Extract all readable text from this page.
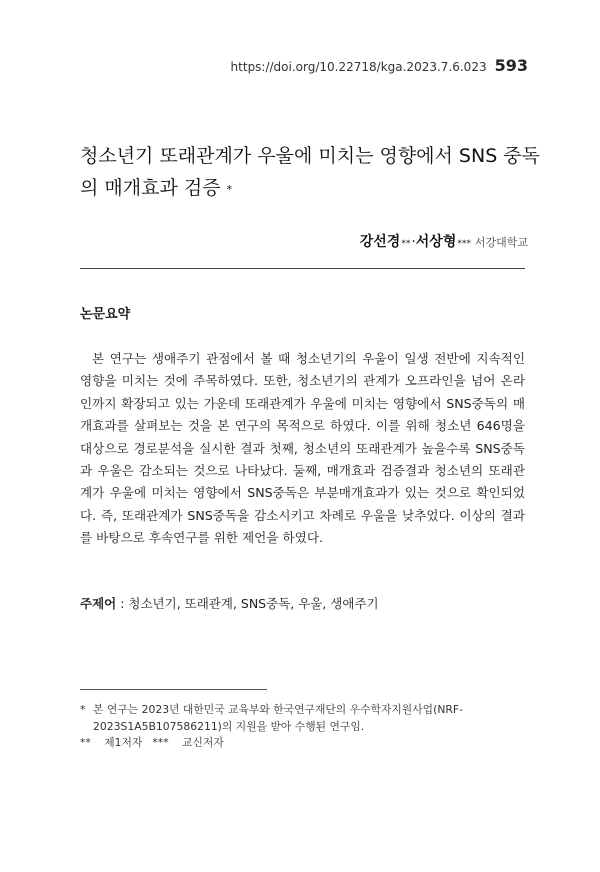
https://doi.org/10.22718/kga.2023.7.6.023 593
청소년기 또래관계가 우울에 미치는 영향에서 SNS 중독의 매개효과 검증 *
강선경 ** · 서상형 *** 서강대학교
논문요약

본 연구는 생애주기 관점에서 볼 때 청소년기의 우울이 일생 전반에 지속적인 영향을 미치는 것에 주목하였다. 또한, 청소년기의 관계가 오프라인을 넘어 온라인까지 확장되고 있는 가운데 또래관계가 우울에 미치는 영향에서 SNS중독의 매개효과를 살펴보는 것을 본 연구의 목적으로 하였다. 이를 위해 청소년 646명을 대상으로 경로분석을 실시한 결과 첫째, 청소년의 또래관계가 높을수록 SNS중독과 우울은 감소되는 것으로 나타났다. 둘째, 매개효과 검증결과 청소년의 또래관계가 우울에 미치는 영향에서 SNS중독은 부분매개효과가 있는 것으로 확인되었다. 즉, 또래관계가 SNS중독을 감소시키고 차례로 우울을 낮추었다. 이상의 결과를 바탕으로 후속연구를 위한 제언을 하였다.

주제어 : 청소년기, 또래관계, SNS중독, 우울, 생애주기
* 본 연구는 2023년 대한민국 교육부와 한국연구재단의 우수학자지원사업(NRF-2023S1A5B107586211)의 지원을 받아 수행된 연구임.
** 제1저자 *** 교신저자
